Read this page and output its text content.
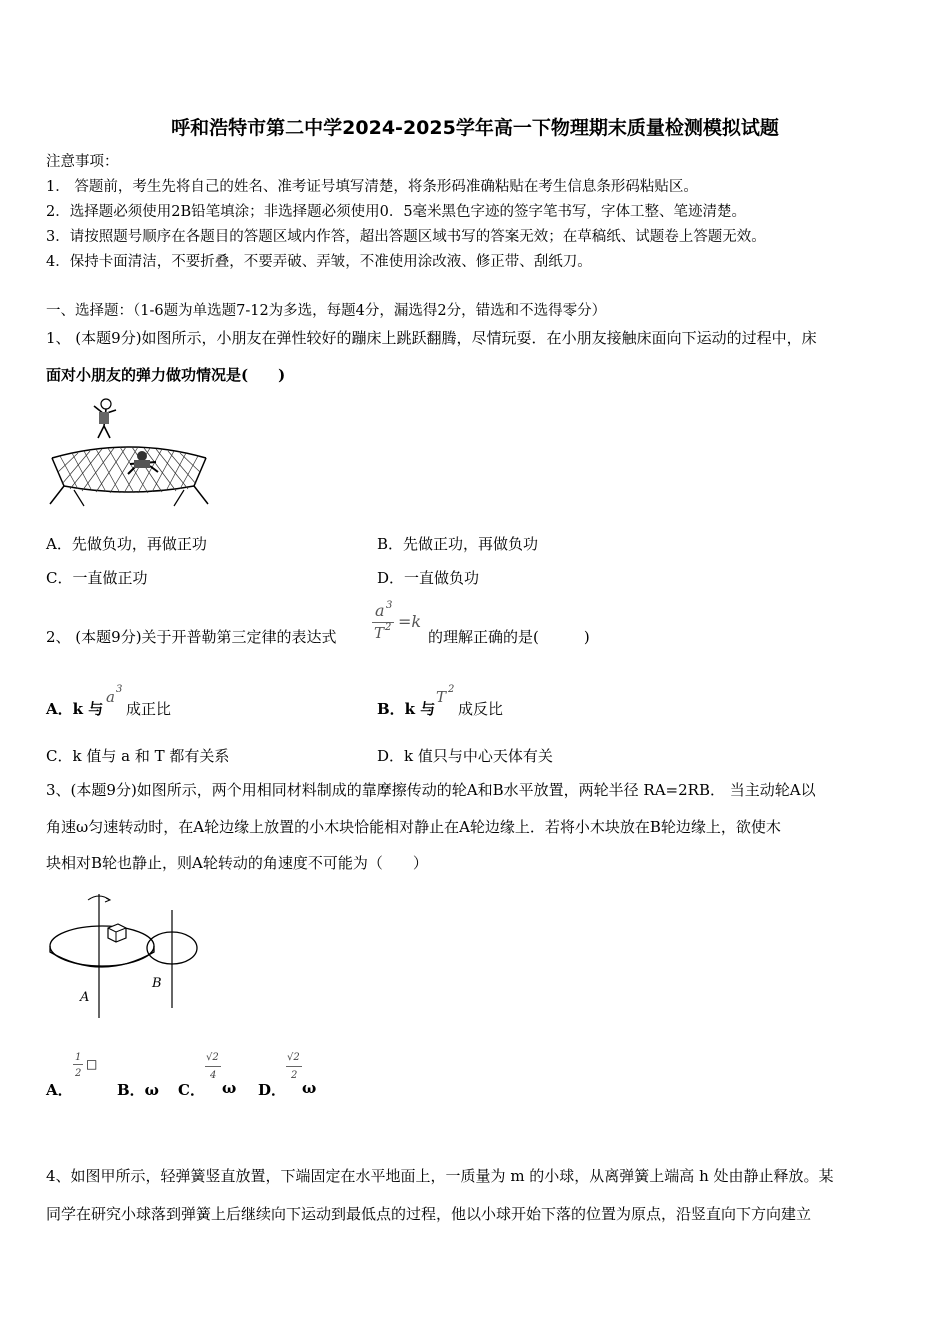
呼和浩特市第二中学2024-2025学年高一下物理期末质量检测模拟试题
注意事项：
1． 答题前，考生先将自己的姓名、准考证号填写清楚，将条形码准确粘贴在考生信息条形码粘贴区。
2．选择题必须使用2B铅笔填涂；非选择题必须使用0．5毫米黑色字迹的签字笔书写，字体工整、笔迹清楚。
3．请按照题号顺序在各题目的答题区域内作答，超出答题区域书写的答案无效；在草稿纸、试题卷上答题无效。
4．保持卡面清洁，不要折叠，不要弄破、弄皱，不准使用涂改液、修正带、刮纸刀。
一、选择题：（1-6题为单选题7-12为多选，每题4分，漏选得2分，错选和不选得零分）
1、 (本题9分)如图所示，小朋友在弹性较好的蹦床上跳跃翻腾，尽情玩耍．在小朋友接触床面向下运动的过程中，床
面对小朋友的弹力做功情况是(　　)
A．先做负功，再做正功	B．先做正功，再做负功
C．一直做正功	D．一直做负功
2、 (本题9分)关于开普勒第三定律的表达式
a 3
T 2 =k
的理解正确的是(　　　)
A．k 与
a 3
成正比	B．k 与
T 2
成反比
C．k 值与 a 和 T 都有关系	D．k 值只与中心天体有关
3、(本题9分)如图所示，两个用相同材料制成的靠摩擦传动的轮A和B水平放置，两轮半径 RA=2RB． 当主动轮A以
角速ω匀速转动时，在A轮边缘上放置的小木块恰能相对静止在A轮边缘上．若将小木块放在B轮边缘上，欲使木
块相对B轮也静止，则A轮转动的角速度不可能为（　　）
A
B
A．
1
2
□
B．ω C．
√2
4
ω D．
√2
2
ω
4、如图甲所示，轻弹簧竖直放置，下端固定在水平地面上，一质量为 m 的小球，从离弹簧上端高 h 处由静止释放。某
同学在研究小球落到弹簧上后继续向下运动到最低点的过程，他以小球开始下落的位置为原点，沿竖直向下方向建立
